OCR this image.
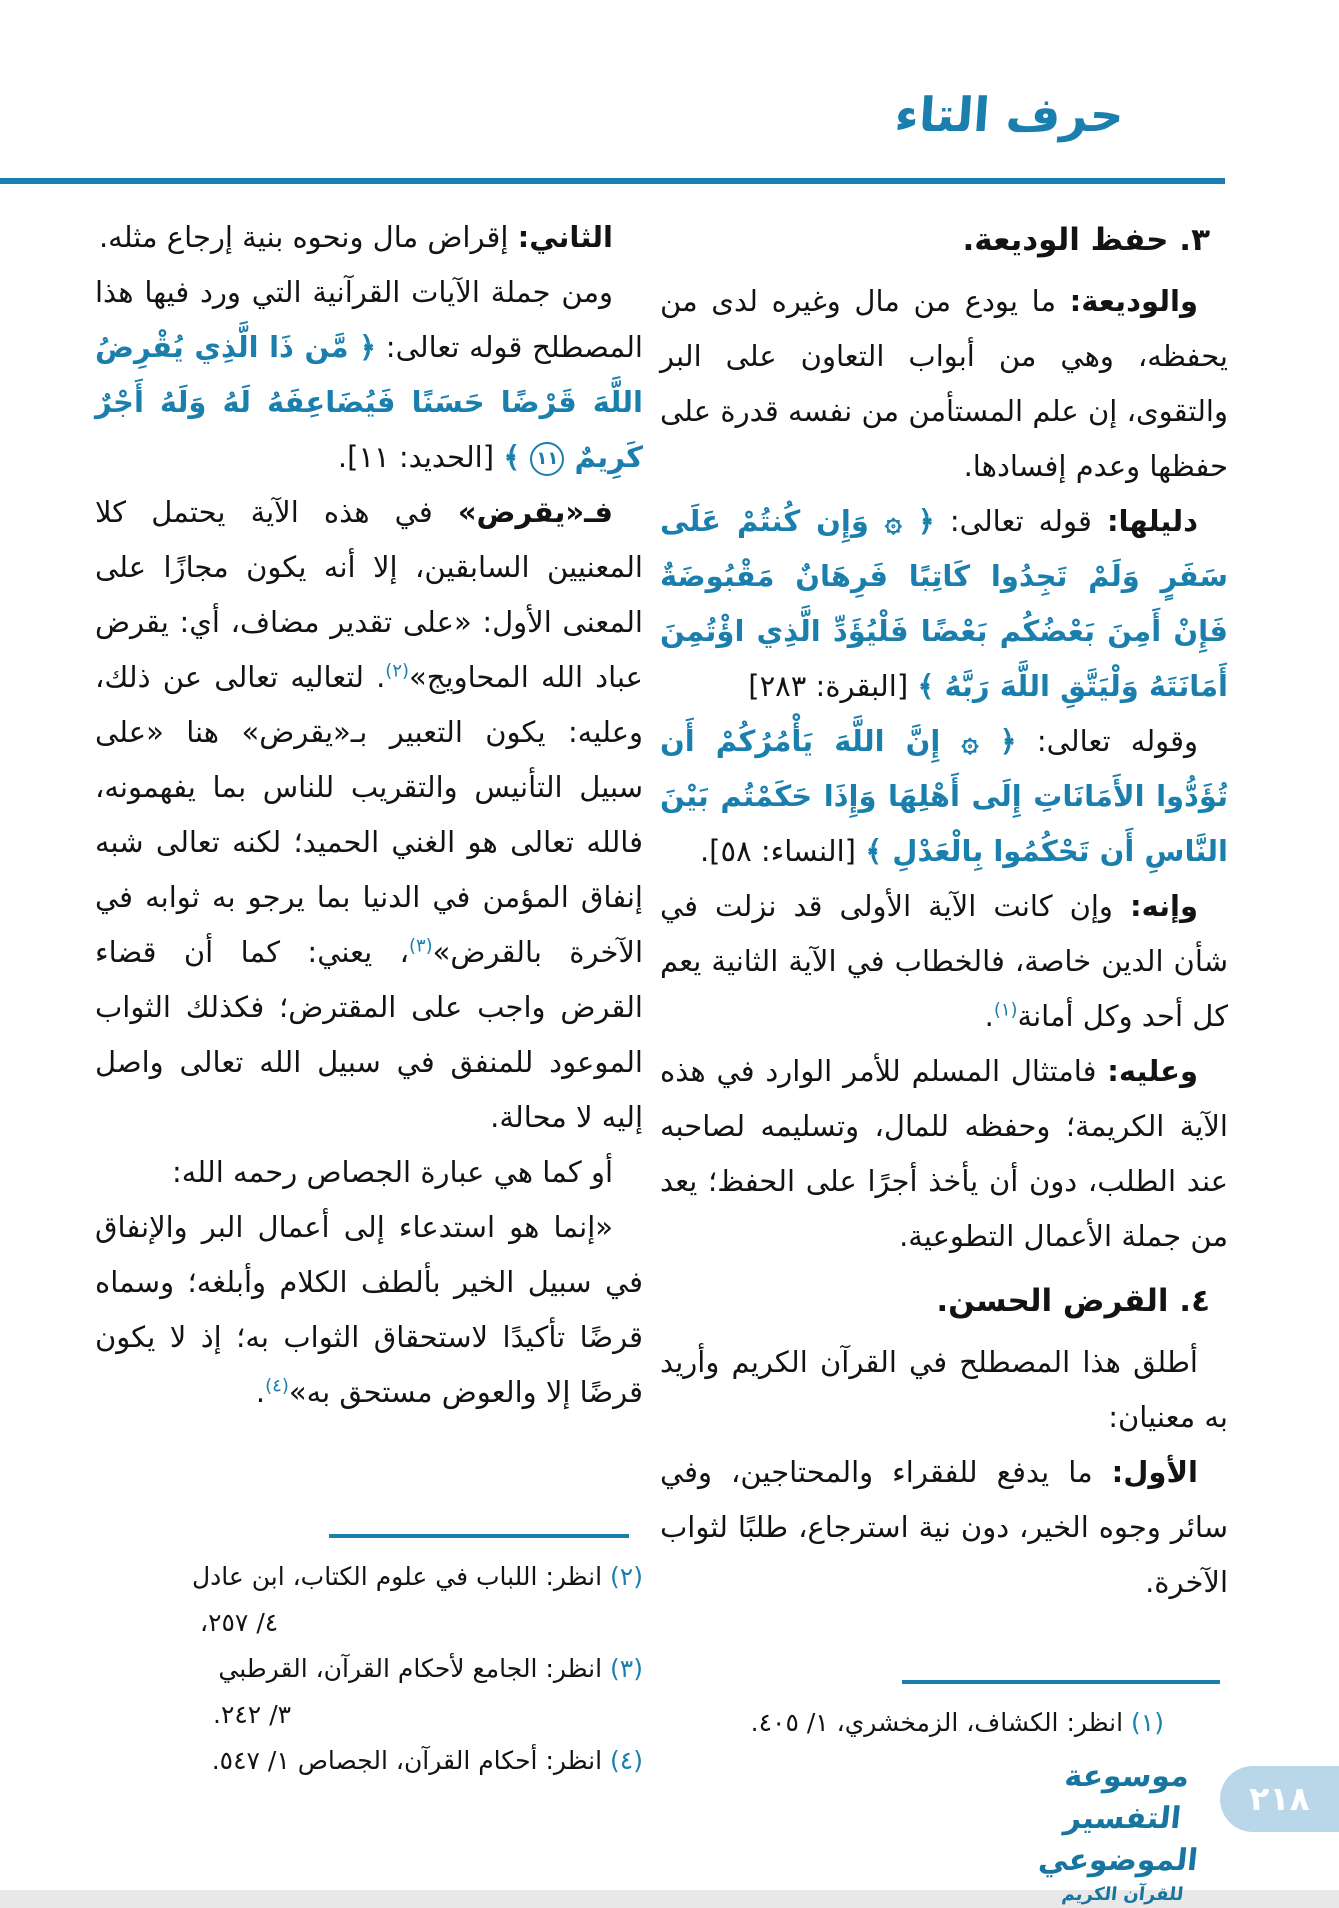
حرف التاء
٣. حفظ الوديعة.

والوديعة: ما يودع من مال وغيره لدى من يحفظه، وهي من أبواب التعاون على البر والتقوى، إن علم المستأمن من نفسه قدرة على حفظها وعدم إفسادها.

دليلها: قوله تعالى: ﴿ ۞ وَإِن كُنتُمْ عَلَى سَفَرٍ وَلَمْ تَجِدُوا كَاتِبًا فَرِهَانٌ مَقْبُوضَةٌ فَإِنْ أَمِنَ بَعْضُكُم بَعْضًا فَلْيُؤَدِّ الَّذِي اؤْتُمِنَ أَمَانَتَهُ وَلْيَتَّقِ اللَّهَ رَبَّهُ ﴾ [البقرة: ٢٨٣]

وقوله تعالى: ﴿ ۞ إِنَّ اللَّهَ يَأْمُرُكُمْ أَن تُؤَدُّوا الأَمَانَاتِ إِلَى أَهْلِهَا وَإِذَا حَكَمْتُم بَيْنَ النَّاسِ أَن تَحْكُمُوا بِالْعَدْلِ ﴾ [النساء: ٥٨].

وإنه: وإن كانت الآية الأولى قد نزلت في شأن الدين خاصة، فالخطاب في الآية الثانية يعم كل أحد وكل أمانة$^{(١)}$.

وعليه: فامتثال المسلم للأمر الوارد في هذه الآية الكريمة؛ وحفظه للمال، وتسليمه لصاحبه عند الطلب، دون أن يأخذ أجرًا على الحفظ؛ يعد من جملة الأعمال التطوعية.

٤. القرض الحسن.

أطلق هذا المصطلح في القرآن الكريم وأريد به معنيان:

الأول: ما يدفع للفقراء والمحتاجين، وفي سائر وجوه الخير، دون نية استرجاع، طلبًا لثواب الآخرة.

(١) انظر: الكشاف، الزمخشري، ١/ ٤٠٥.

الثاني: إقراض مال ونحوه بنية إرجاع مثله.

ومن جملة الآيات القرآنية التي ورد فيها هذا المصطلح قوله تعالى: ﴿ مَّن ذَا الَّذِي يُقْرِضُ اللَّهَ قَرْضًا حَسَنًا فَيُضَاعِفَهُ لَهُ وَلَهُ أَجْرٌ كَرِيمٌ ١١ ﴾ [الحديد: ١١].

فـ«يقرض» في هذه الآية يحتمل كلا المعنيين السابقين، إلا أنه يكون مجازًا على المعنى الأول: «على تقدير مضاف، أي: يقرض عباد الله المحاويج»$^{(٢)}$. لتعاليه تعالى عن ذلك، وعليه: يكون التعبير بـ«يقرض» هنا «على سبيل التأنيس والتقريب للناس بما يفهمونه، فالله تعالى هو الغني الحميد؛ لكنه تعالى شبه إنفاق المؤمن في الدنيا بما يرجو به ثوابه في الآخرة بالقرض»$^{(٣)}$، يعني: كما أن قضاء القرض واجب على المقترض؛ فكذلك الثواب الموعود للمنفق في سبيل الله تعالى واصل إليه لا محالة.

أو كما هي عبارة الجصاص رحمه الله:

«إنما هو استدعاء إلى أعمال البر والإنفاق في سبيل الخير بألطف الكلام وأبلغه؛ وسماه قرضًا تأكيدًا لاستحقاق الثواب به؛ إذ لا يكون قرضًا إلا والعوض مستحق به»$^{(٤)}$.

(٢) انظر: اللباب في علوم الكتاب، ابن عادل
٤/ ٢٥٧،
(٣) انظر: الجامع لأحكام القرآن، القرطبي
٣/ ٢٤٢.
(٤) انظر: أحكام القرآن، الجصاص ١/ ٥٤٧.	موسوعة التفسير الموضوعي
للقرآن الكريم
٢١٨
